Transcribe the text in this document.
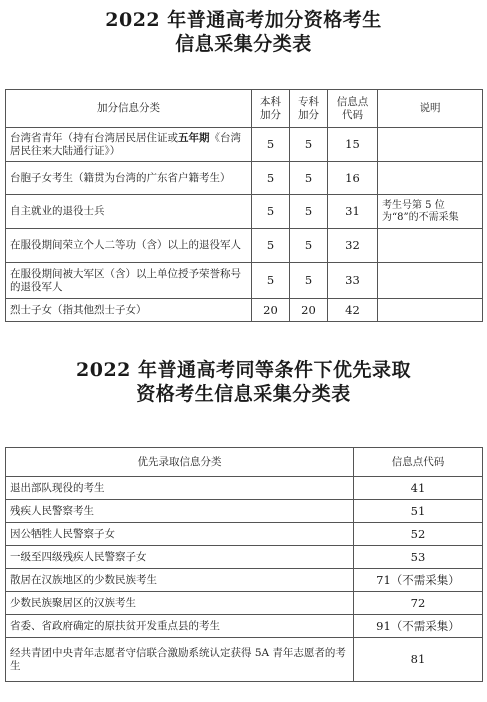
2022 年普通高考加分资格考生
信息采集分类表
加分信息分类	本科加分	专科加分	信息点代码	说明
台湾省青年（持有台湾居民居住证或五年期《台湾居民往来大陆通行证》）	5	5	15	
台胞子女考生（籍贯为台湾的广东省户籍考生）	5	5	16	
自主就业的退役士兵	5	5	31	考生号第 5 位为“8”的不需采集
在服役期间荣立个人二等功（含）以上的退役军人	5	5	32	
在服役期间被大军区（含）以上单位授予荣誉称号的退役军人	5	5	33	
烈士子女（指其他烈士子女）	20	20	42	
2022 年普通高考同等条件下优先录取
资格考生信息采集分类表
优先录取信息分类	信息点代码
退出部队现役的考生	41
残疾人民警察考生	51
因公牺牲人民警察子女	52
一级至四级残疾人民警察子女	53
散居在汉族地区的少数民族考生	71（不需采集）
少数民族聚居区的汉族考生	72
省委、省政府确定的原扶贫开发重点县的考生	91（不需采集）
经共青团中央青年志愿者守信联合激励系统认定获得 5A 青年志愿者的考生	81
